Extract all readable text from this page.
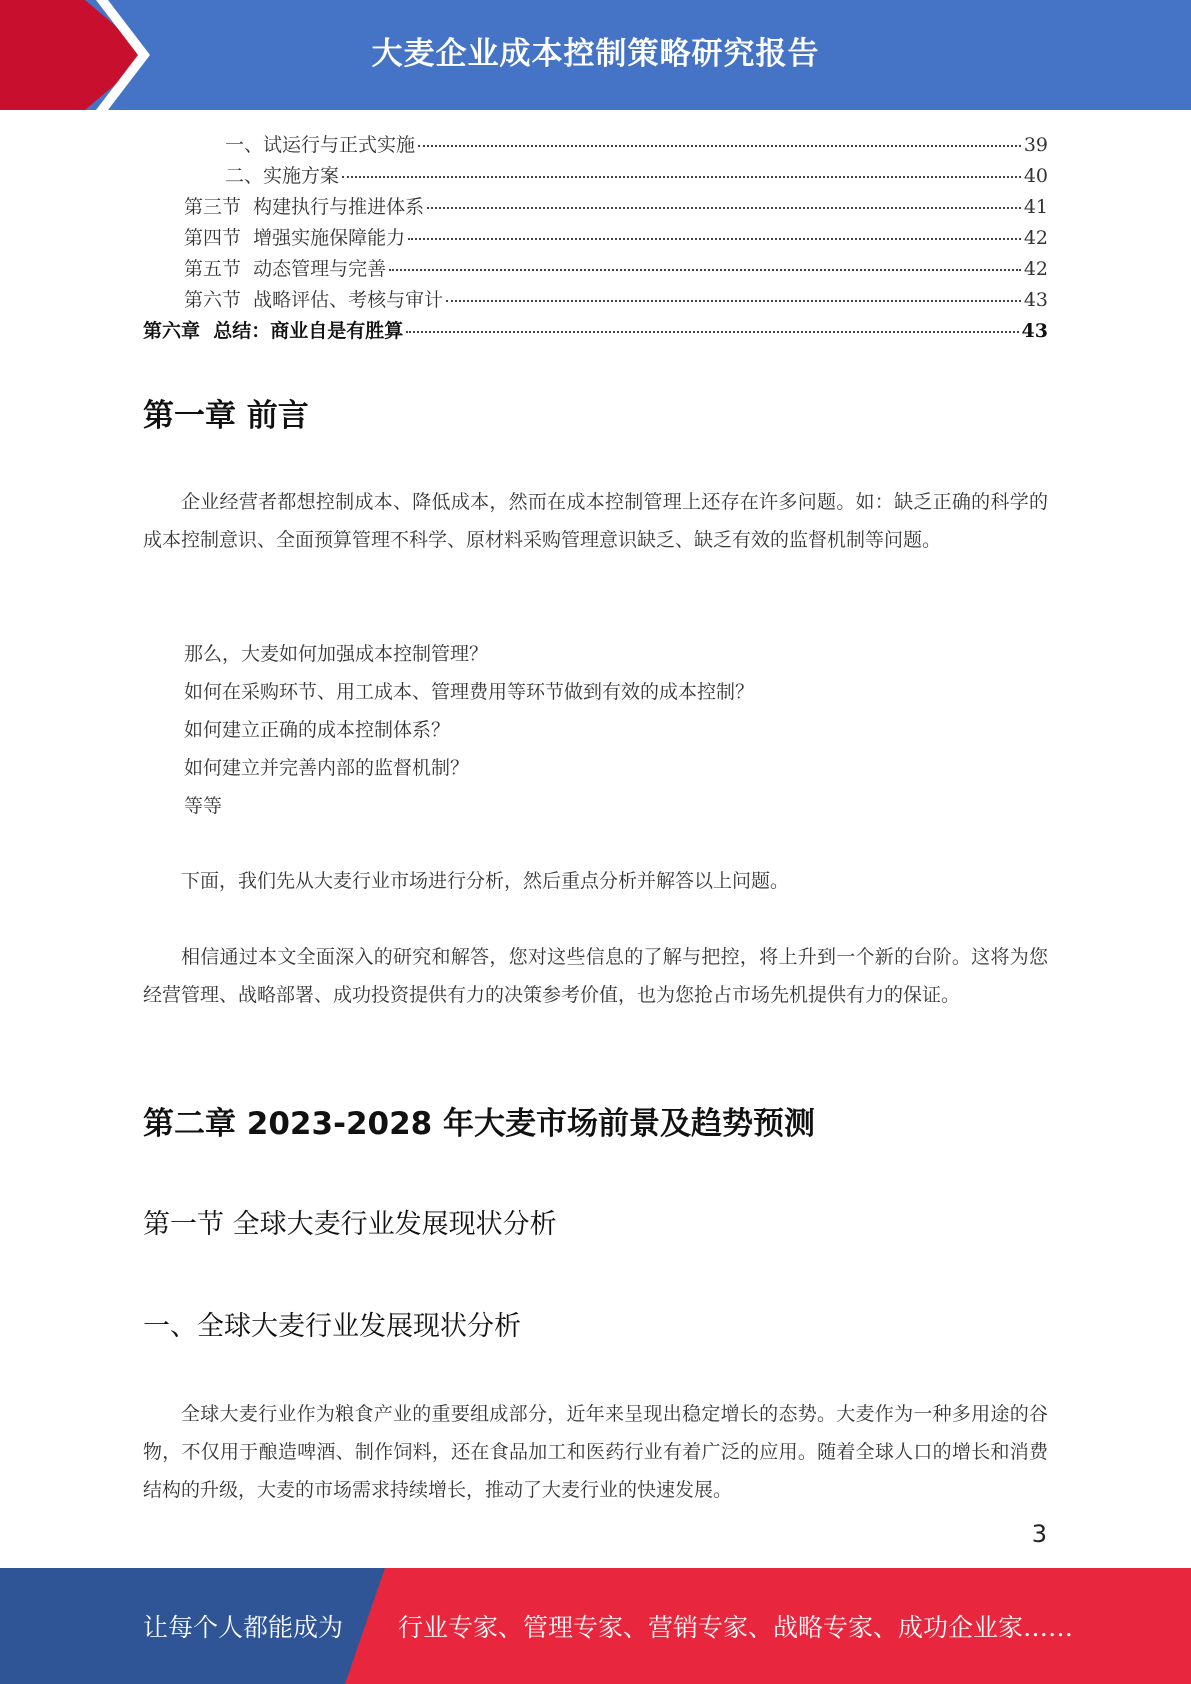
大麦企业成本控制策略研究报告
一、试运行与正式实施	39
二、实施方案	40
第三节  构建执行与推进体系	41
第四节  增强实施保障能力	42
第五节  动态管理与完善	42
第六节  战略评估、考核与审计	43
第六章  总结：商业自是有胜算	43
第一章 前言

企业经营者都想控制成本、降低成本，然而在成本控制管理上还存在许多问题。如：缺乏正确的科学的成本控制意识、全面预算管理不科学、原材料采购管理意识缺乏、缺乏有效的监督机制等问题。

那么，大麦如何加强成本控制管理？
如何在采购环节、用工成本、管理费用等环节做到有效的成本控制？
如何建立正确的成本控制体系？
如何建立并完善内部的监督机制？
等等

下面，我们先从大麦行业市场进行分析，然后重点分析并解答以上问题。

相信通过本文全面深入的研究和解答，您对这些信息的了解与把控，将上升到一个新的台阶。这将为您经营管理、战略部署、成功投资提供有力的决策参考价值，也为您抢占市场先机提供有力的保证。

第二章 2023-2028 年大麦市场前景及趋势预测
第一节 全球大麦行业发展现状分析
一、全球大麦行业发展现状分析

全球大麦行业作为粮食产业的重要组成部分，近年来呈现出稳定增长的态势。大麦作为一种多用途的谷物，不仅用于酿造啤酒、制作饲料，还在食品加工和医药行业有着广泛的应用。随着全球人口的增长和消费结构的升级，大麦的市场需求持续增长，推动了大麦行业的快速发展。

3
让每个人都能成为 行业专家、管理专家、营销专家、战略专家、成功企业家……
